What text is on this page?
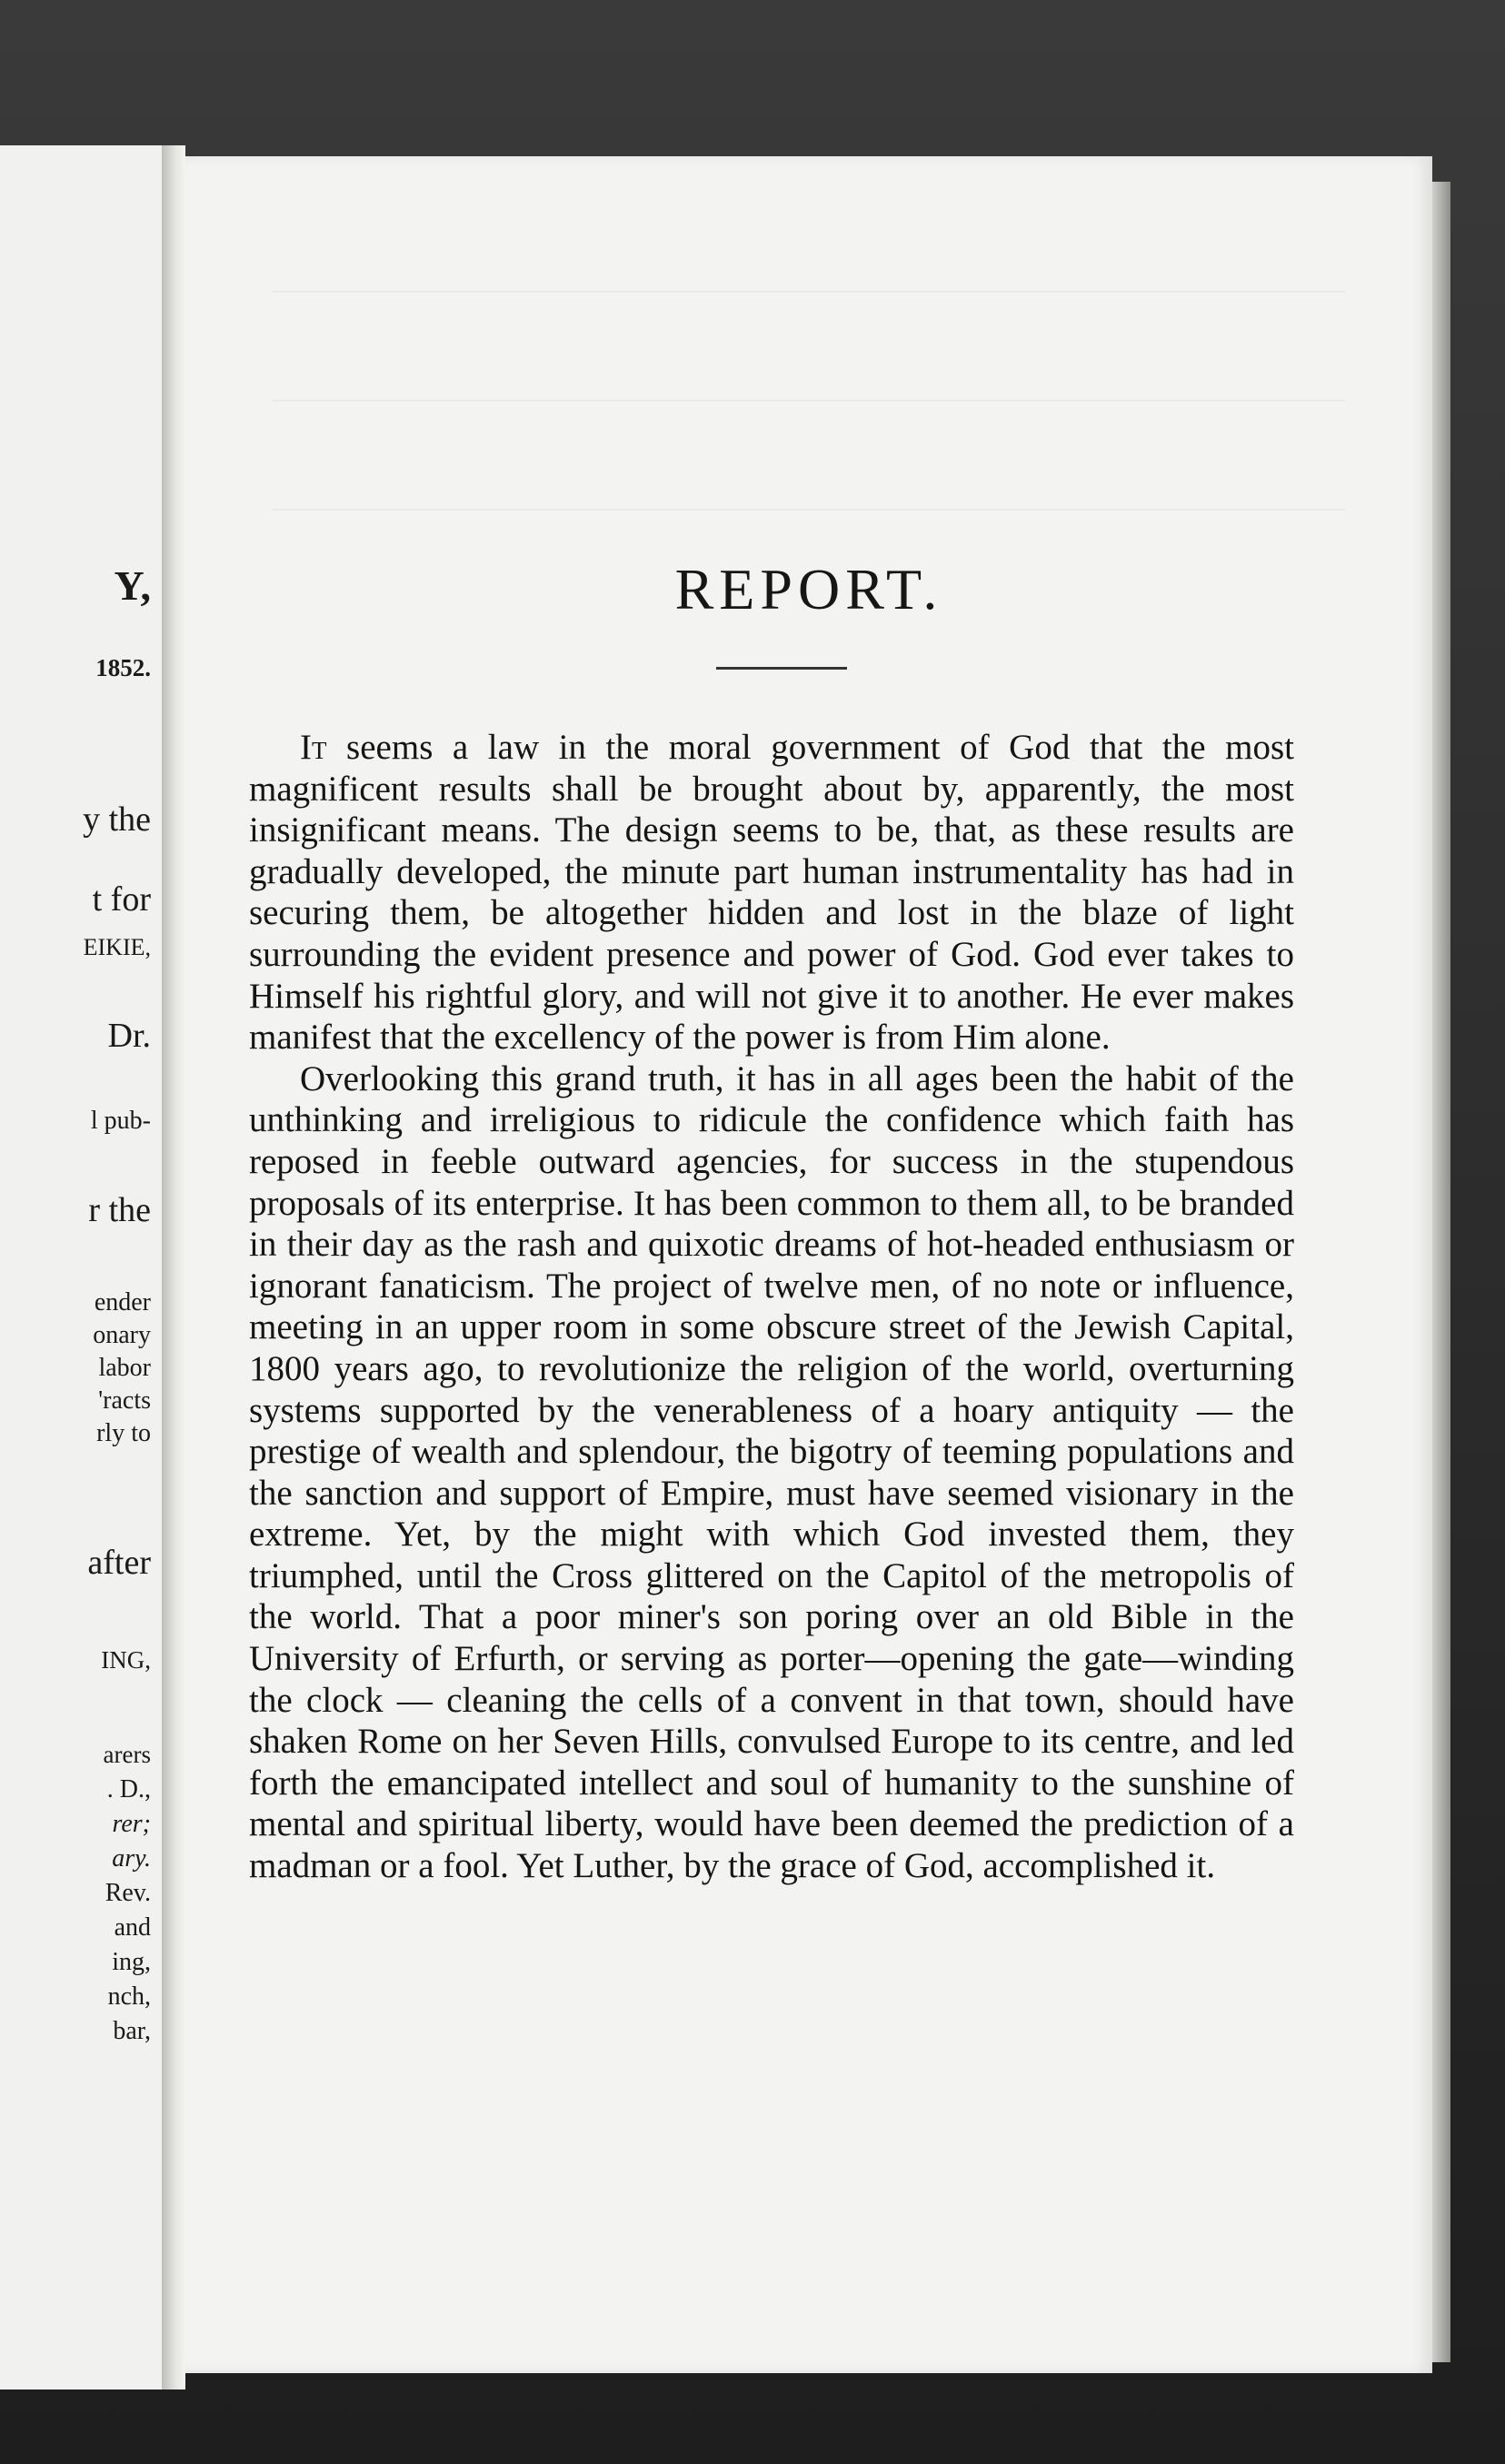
Y,
1852.
y the
t for
EIKIE,
Dr.
l pub-
r the
ender
onary
labor
'racts
rly to
after
ING,
arers
. D.,
rer;
ary.
Rev.
and
ing,
nch,
bar,
REPORT.

It seems a law in the moral government of God that the most magnificent results shall be brought about by, apparently, the most insignificant means. The design seems to be, that, as these results are gradually developed, the minute part human instrumentality has had in securing them, be altogether hidden and lost in the blaze of light surrounding the evident presence and power of God. God ever takes to Himself his rightful glory, and will not give it to another. He ever makes manifest that the excellency of the power is from Him alone.

Overlooking this grand truth, it has in all ages been the habit of the unthinking and irreligious to ridicule the confidence which faith has reposed in feeble outward agencies, for success in the stupendous proposals of its enterprise. It has been common to them all, to be branded in their day as the rash and quixotic dreams of hot-headed enthusiasm or ignorant fanaticism. The project of twelve men, of no note or influence, meeting in an upper room in some obscure street of the Jewish Capital, 1800 years ago, to revolutionize the religion of the world, overturning systems supported by the venerableness of a hoary antiquity — the prestige of wealth and splendour, the bigotry of teeming populations and the sanction and support of Empire, must have seemed visionary in the extreme. Yet, by the might with which God invested them, they triumphed, until the Cross glittered on the Capitol of the metropolis of the world. That a poor miner's son poring over an old Bible in the University of Erfurth, or serving as porter—opening the gate—winding the clock — cleaning the cells of a convent in that town, should have shaken Rome on her Seven Hills, convulsed Europe to its centre, and led forth the emancipated intellect and soul of humanity to the sunshine of mental and spiritual liberty, would have been deemed the prediction of a madman or a fool. Yet Luther, by the grace of God, accomplished it.
